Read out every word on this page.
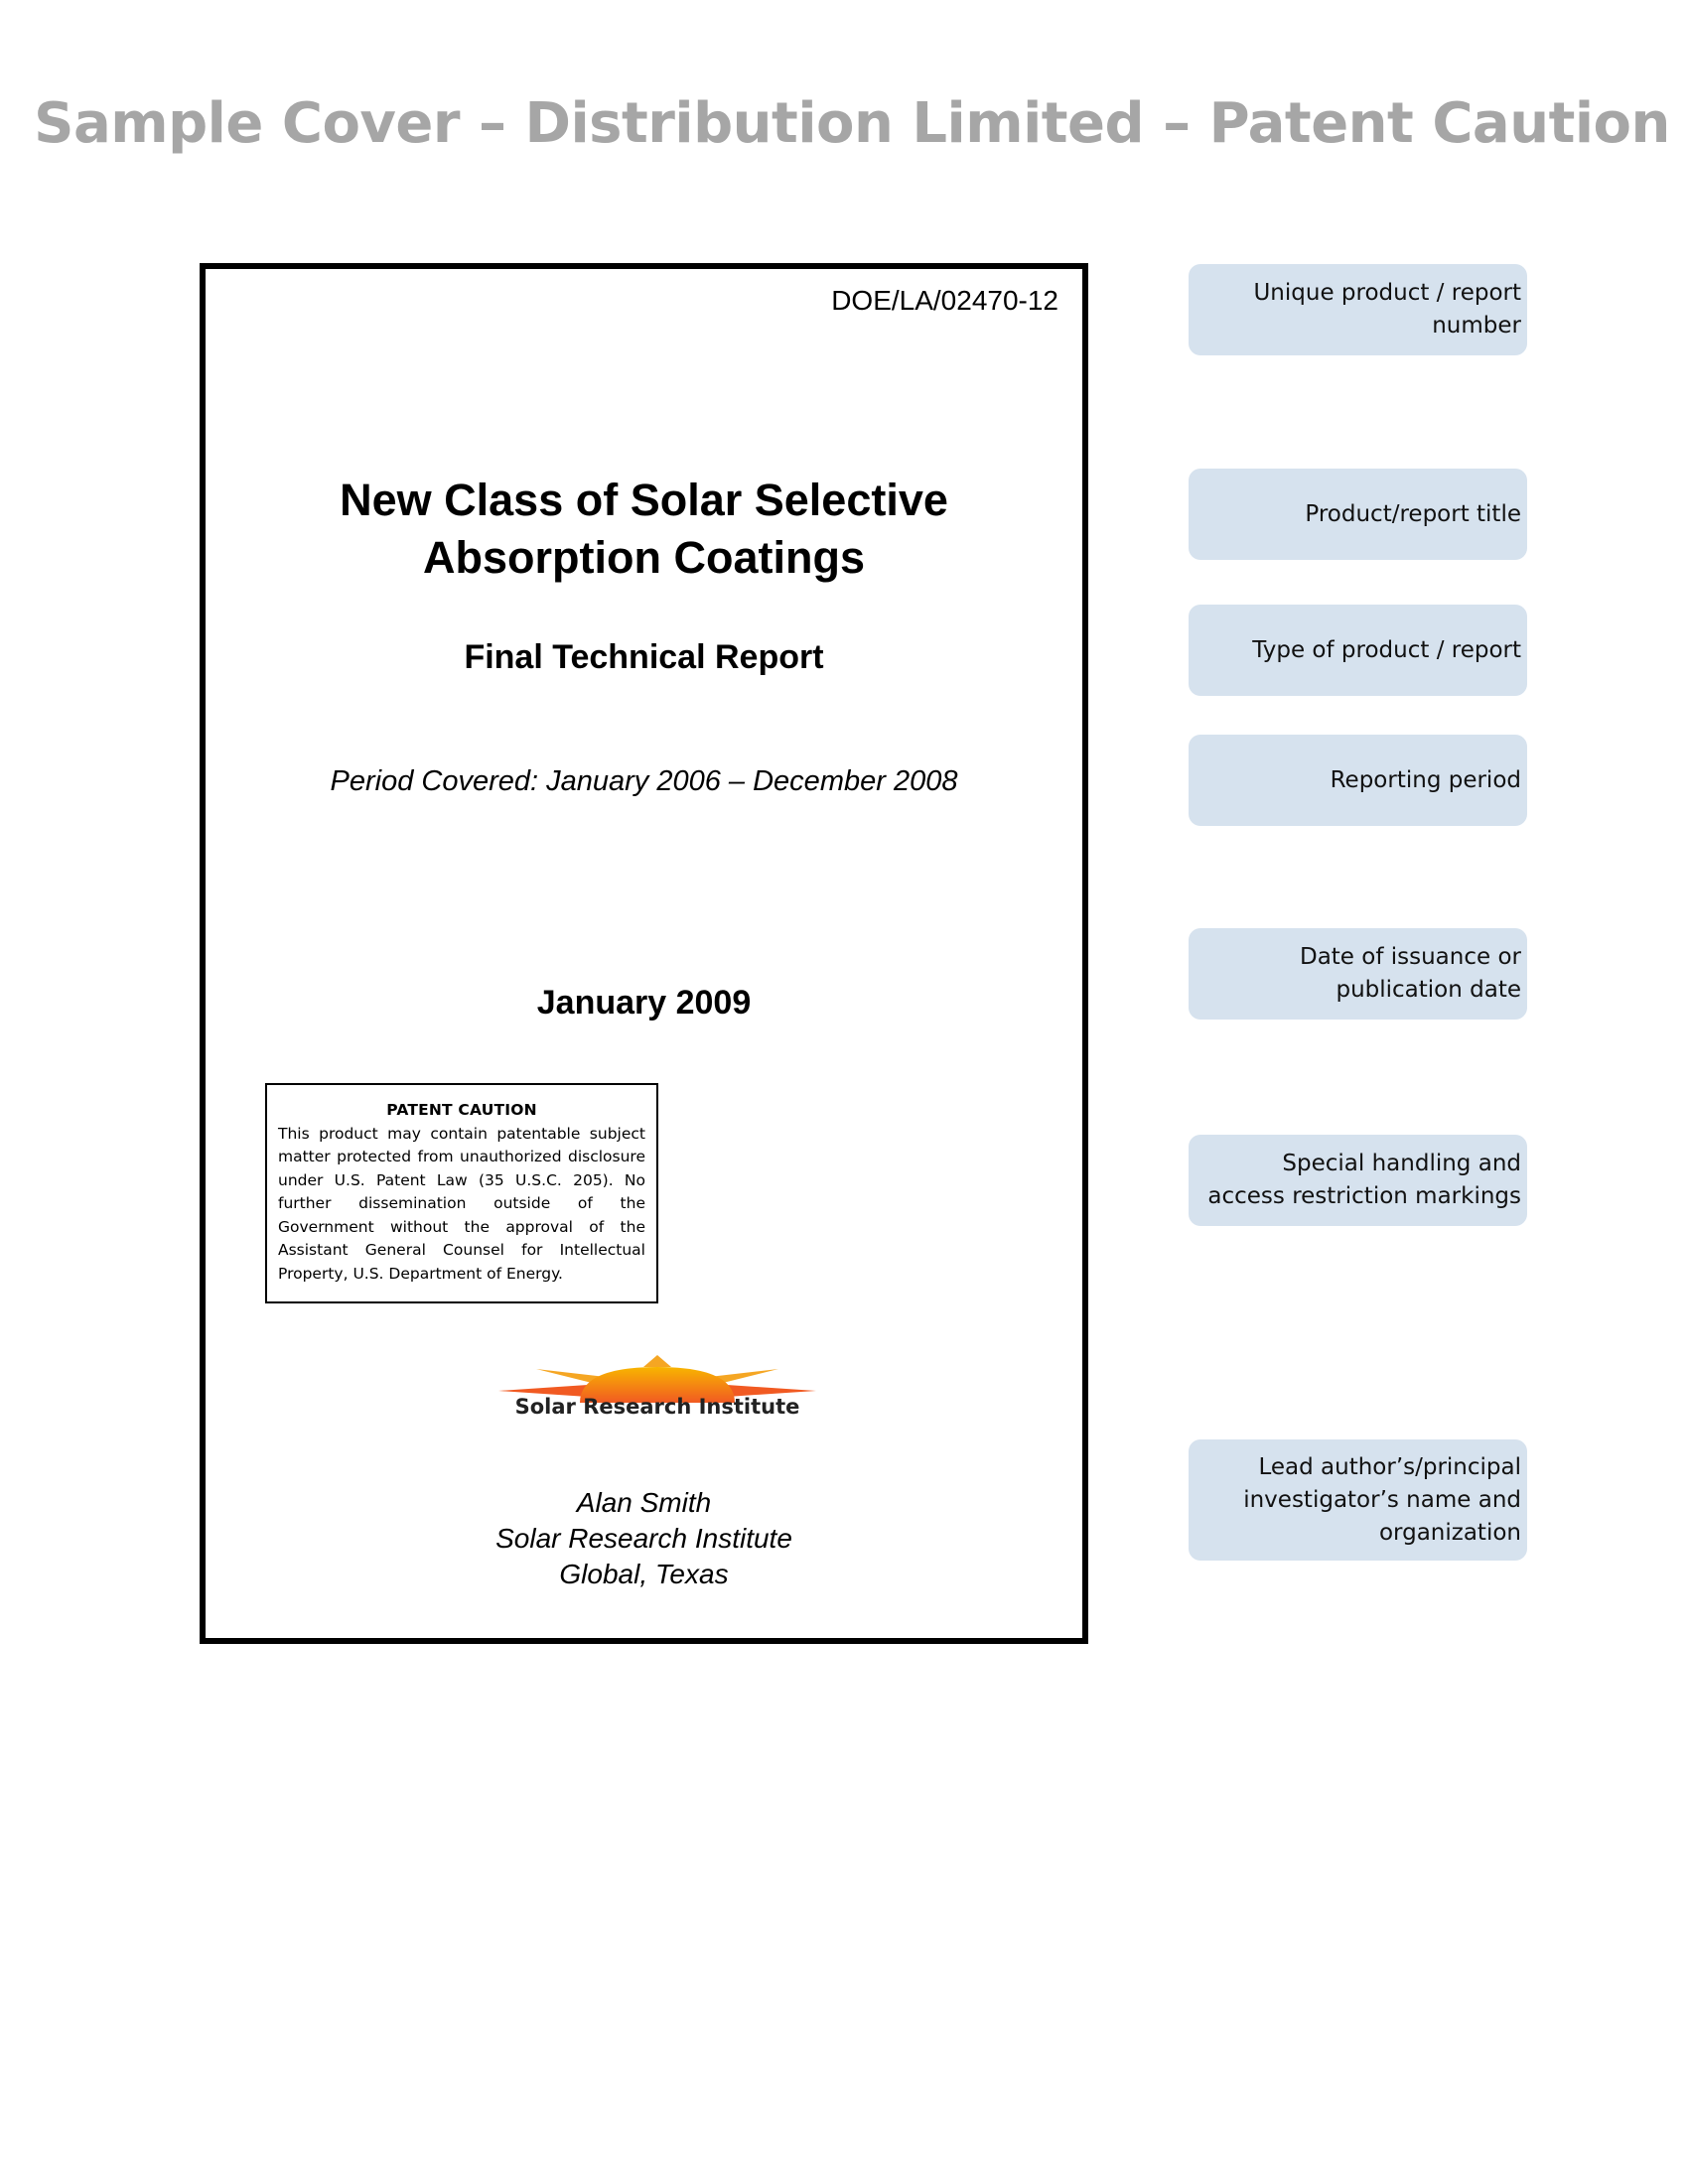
Sample Cover – Distribution Limited – Patent Caution
DOE/LA/02470-12
New Class of Solar Selective
Absorption Coatings
Final Technical Report
Period Covered: January 2006 – December 2008
January 2009
PATENT CAUTION
This product may contain patentable subject matter protected from unauthorized disclosure under U.S. Patent Law (35 U.S.C. 205). No further dissemination outside of the Government without the approval of the Assistant General Counsel for Intellectual Property, U.S. Department of Energy.
Solar Research Institute
Alan Smith
Solar Research Institute
Global, Texas
Unique product / report number
Product/report title
Type of product / report
Reporting period
Date of issuance or publication date
Special handling and access restriction markings
Lead author’s/principal investigator’s name and organization
